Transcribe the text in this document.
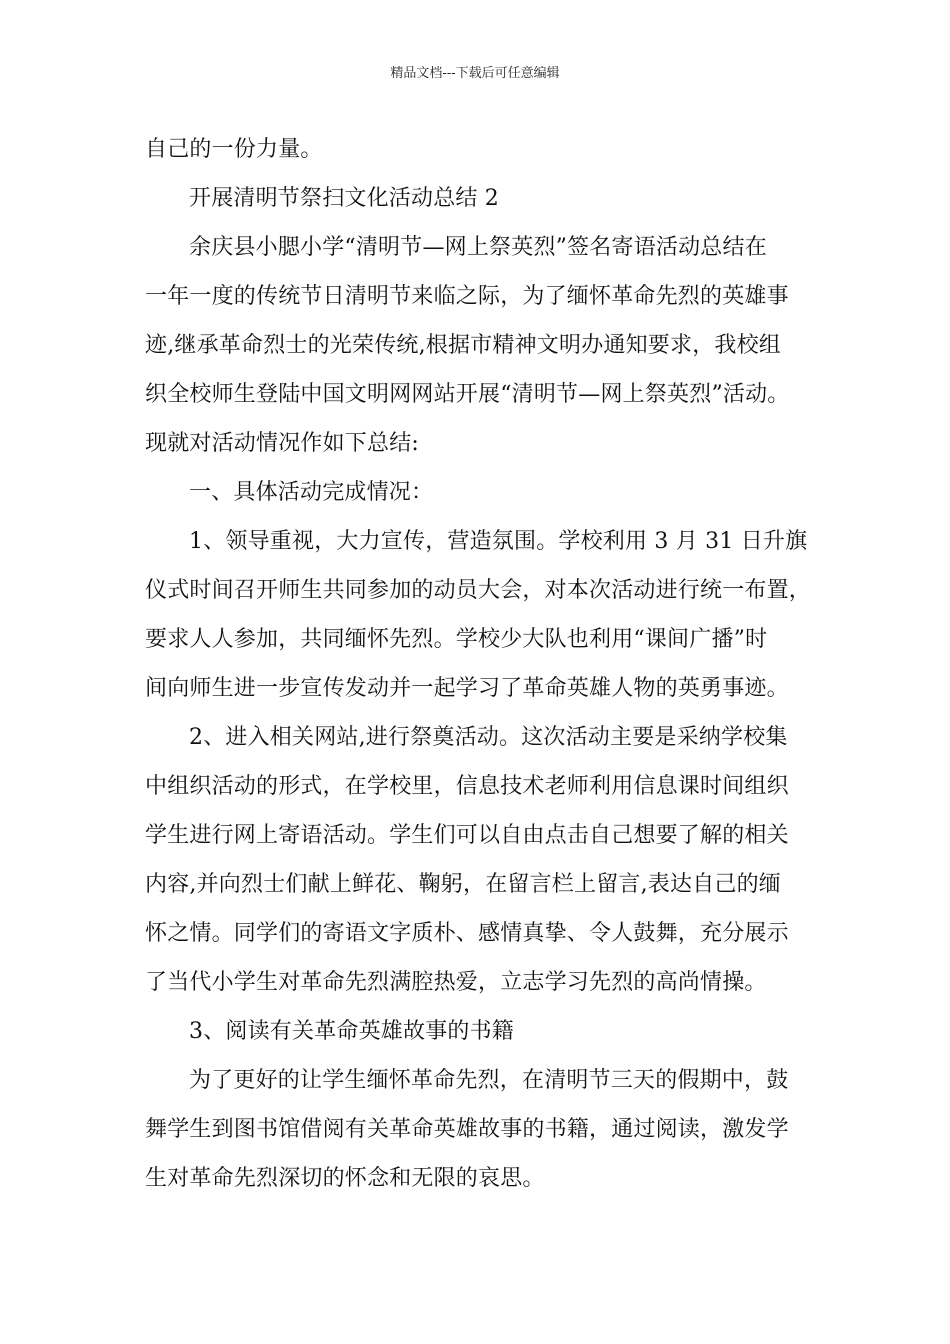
精品文档---下载后可任意编辑
自己的一份力量。
开展清明节祭扫文化活动总结 2
余庆县小腮小学“清明节—网上祭英烈”签名寄语活动总结在
一年一度的传统节日清明节来临之际，为了缅怀革命先烈的英雄事
迹,继承革命烈士的光荣传统,根据市精神文明办通知要求，我校组
织全校师生登陆中国文明网网站开展“清明节—网上祭英烈”活动。
现就对活动情况作如下总结:
一、具体活动完成情况：
1、领导重视，大力宣传，营造氛围。学校利用 3 月 31 日升旗
仪式时间召开师生共同参加的动员大会，对本次活动进行统一布置，
要求人人参加，共同缅怀先烈。学校少大队也利用“课间广播”时
间向师生进一步宣传发动并一起学习了革命英雄人物的英勇事迹。
2、进入相关网站,进行祭奠活动。这次活动主要是采纳学校集
中组织活动的形式，在学校里，信息技术老师利用信息课时间组织
学生进行网上寄语活动。学生们可以自由点击自己想要了解的相关
内容,并向烈士们献上鲜花、鞠躬，在留言栏上留言,表达自己的缅
怀之情。同学们的寄语文字质朴、感情真挚、令人鼓舞，充分展示
了当代小学生对革命先烈满腔热爱，立志学习先烈的高尚情操。
3、阅读有关革命英雄故事的书籍
为了更好的让学生缅怀革命先烈，在清明节三天的假期中，鼓
舞学生到图书馆借阅有关革命英雄故事的书籍，通过阅读，激发学
生对革命先烈深切的怀念和无限的哀思。
